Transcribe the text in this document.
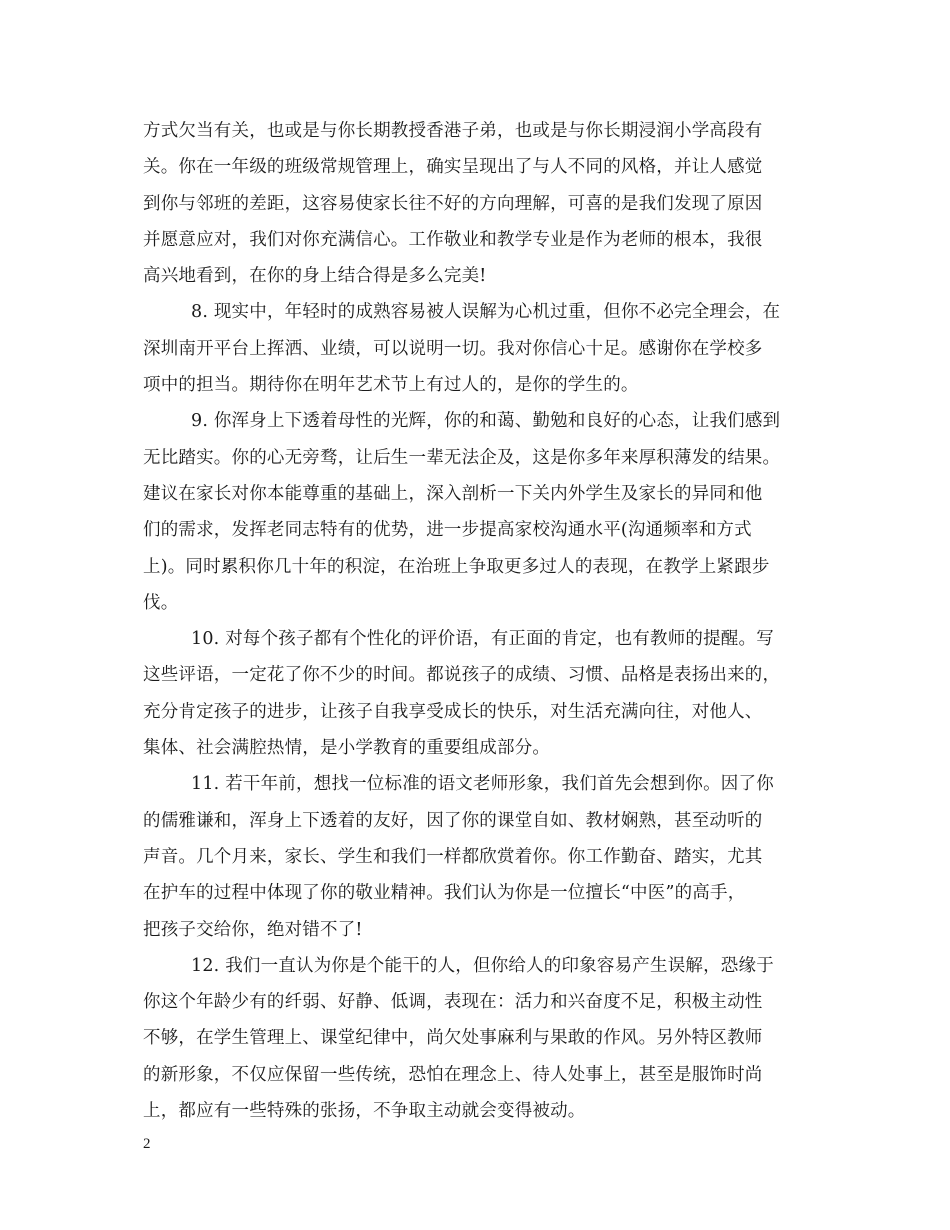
方式欠当有关，也或是与你长期教授香港子弟，也或是与你长期浸润小学高段有
关。你在一年级的班级常规管理上，确实呈现出了与人不同的风格，并让人感觉
到你与邻班的差距，这容易使家长往不好的方向理解，可喜的是我们发现了原因
并愿意应对，我们对你充满信心。工作敬业和教学专业是作为老师的根本，我很
高兴地看到，在你的身上结合得是多么完美!
8. 现实中，年轻时的成熟容易被人误解为心机过重，但你不必完全理会，在
深圳南开平台上挥洒、业绩，可以说明一切。我对你信心十足。感谢你在学校多
项中的担当。期待你在明年艺术节上有过人的，是你的学生的。
9. 你浑身上下透着母性的光辉，你的和蔼、勤勉和良好的心态，让我们感到
无比踏实。你的心无旁骛，让后生一辈无法企及，这是你多年来厚积薄发的结果。
建议在家长对你本能尊重的基础上，深入剖析一下关内外学生及家长的异同和他
们的需求，发挥老同志特有的优势，进一步提高家校沟通水平(沟通频率和方式
上)。同时累积你几十年的积淀，在治班上争取更多过人的表现，在教学上紧跟步
伐。
10. 对每个孩子都有个性化的评价语，有正面的肯定，也有教师的提醒。写
这些评语，一定花了你不少的时间。都说孩子的成绩、习惯、品格是表扬出来的，
充分肯定孩子的进步，让孩子自我享受成长的快乐，对生活充满向往，对他人、
集体、社会满腔热情，是小学教育的重要组成部分。
11. 若干年前，想找一位标准的语文老师形象，我们首先会想到你。因了你
的儒雅谦和，浑身上下透着的友好，因了你的课堂自如、教材娴熟，甚至动听的
声音。几个月来，家长、学生和我们一样都欣赏着你。你工作勤奋、踏实，尤其
在护车的过程中体现了你的敬业精神。我们认为你是一位擅长“中医”的高手，
把孩子交给你，绝对错不了!
12. 我们一直认为你是个能干的人，但你给人的印象容易产生误解，恐缘于
你这个年龄少有的纤弱、好静、低调，表现在：活力和兴奋度不足，积极主动性
不够，在学生管理上、课堂纪律中，尚欠处事麻利与果敢的作风。另外特区教师
的新形象，不仅应保留一些传统，恐怕在理念上、待人处事上，甚至是服饰时尚
上，都应有一些特殊的张扬，不争取主动就会变得被动。
2
